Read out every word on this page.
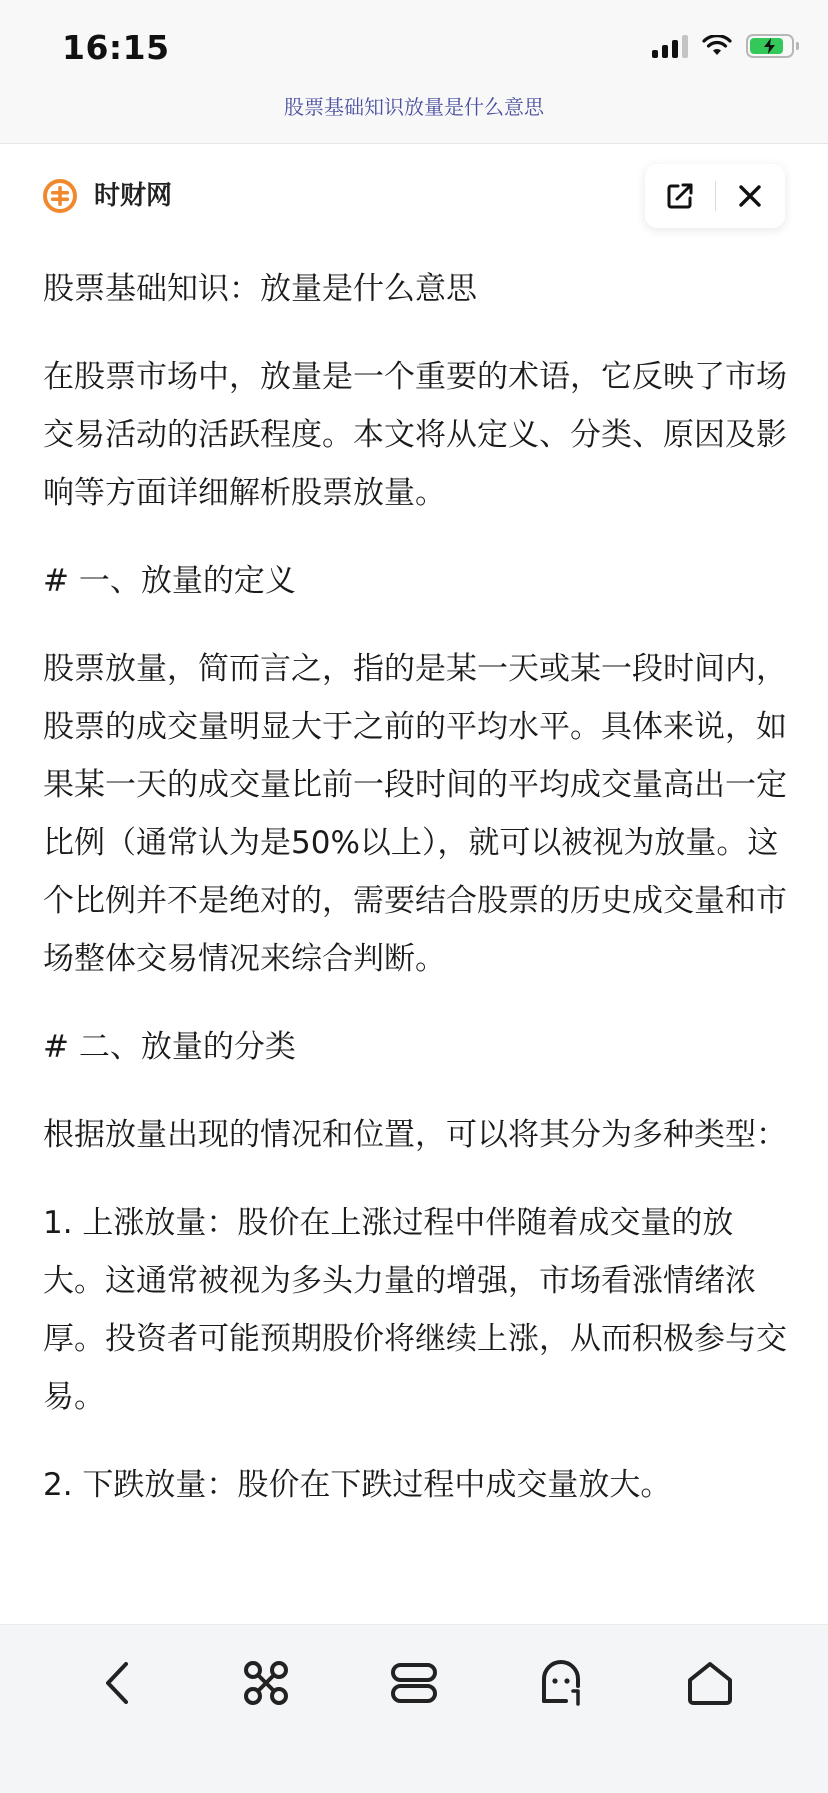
16:15
股票基础知识放量是什么意思
时财网

股票基础知识：放量是什么意思

在股票市场中，放量是一个重要的术语，它反映了市场交易活动的活跃程度。本文将从定义、分类、原因及影响等方面详细解析股票放量。

# 一、放量的定义

股票放量，简而言之，指的是某一天或某一段时间内，股票的成交量明显大于之前的平均水平。具体来说，如果某一天的成交量比前一段时间的平均成交量高出一定比例（通常认为是50%以上），就可以被视为放量。这个比例并不是绝对的，需要结合股票的历史成交量和市场整体交易情况来综合判断。

# 二、放量的分类

根据放量出现的情况和位置，可以将其分为多种类型：

1. 上涨放量：股价在上涨过程中伴随着成交量的放大。这通常被视为多头力量的增强，市场看涨情绪浓厚。投资者可能预期股价将继续上涨，从而积极参与交易。

2. 下跌放量：股价在下跌过程中成交量放大。
